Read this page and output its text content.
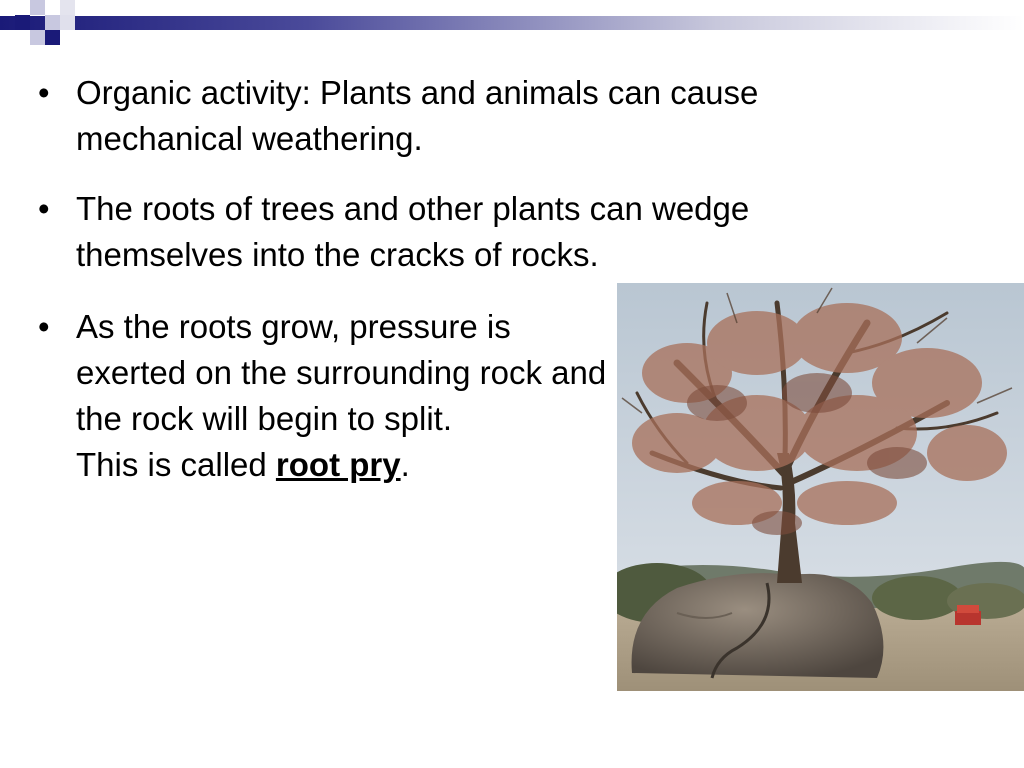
• Organic activity: Plants and animals can cause mechanical weathering.
• The roots of trees and other plants can wedge themselves into the cracks of rocks.
• As the roots grow, pressure is exerted on the surrounding rock and the rock will begin to split.
This is called root pry.
